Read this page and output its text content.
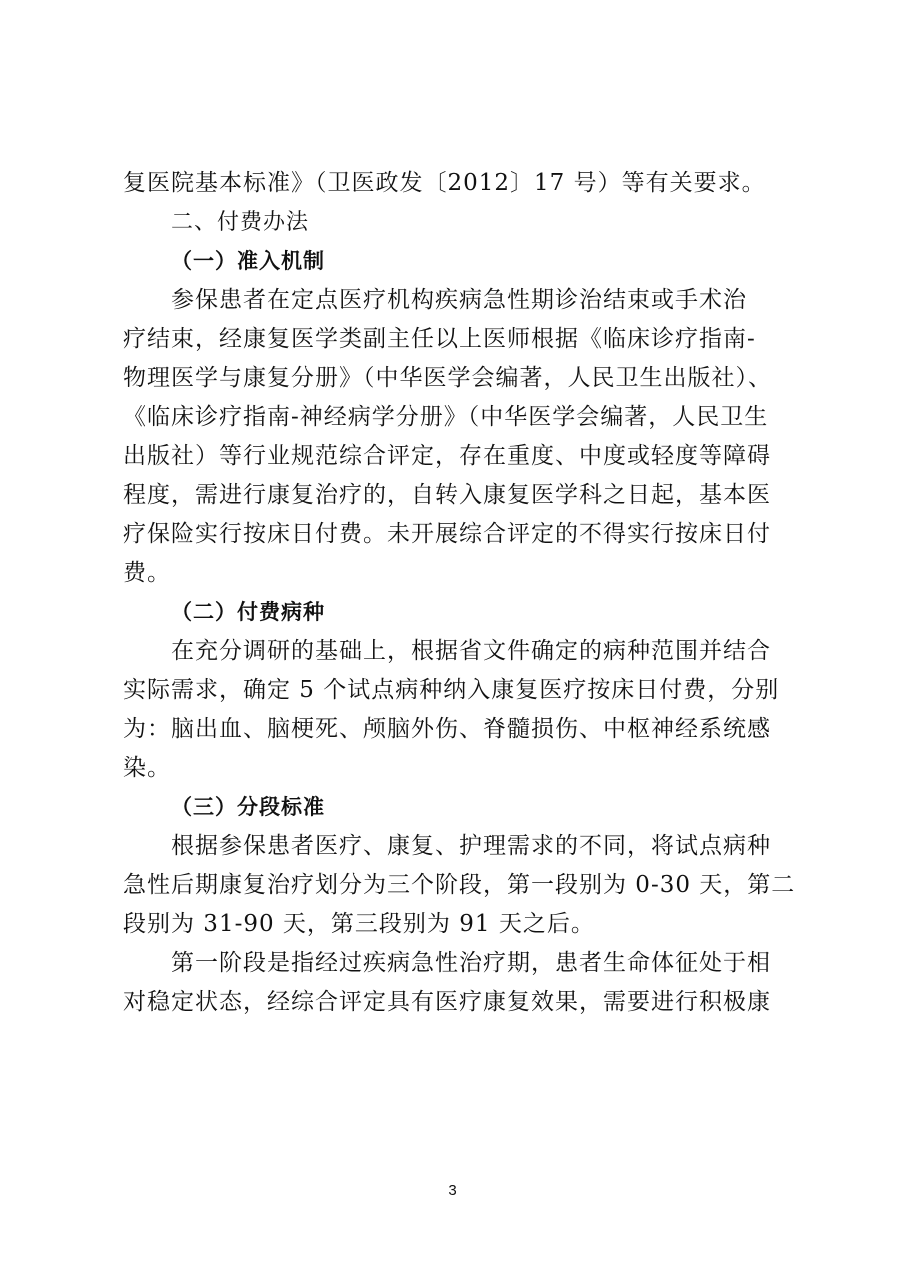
复医院基本标准》（卫医政发〔2012〕17 号）等有关要求。

二、付费办法

（一）准入机制

参保患者在定点医疗机构疾病急性期诊治结束或手术治

疗结束，经康复医学类副主任以上医师根据《临床诊疗指南-

物理医学与康复分册》（中华医学会编著，人民卫生出版社）、

《临床诊疗指南-神经病学分册》（中华医学会编著，人民卫生

出版社）等行业规范综合评定，存在重度、中度或轻度等障碍

程度，需进行康复治疗的，自转入康复医学科之日起，基本医

疗保险实行按床日付费。未开展综合评定的不得实行按床日付

费。

（二）付费病种

在充分调研的基础上，根据省文件确定的病种范围并结合

实际需求，确定 5 个试点病种纳入康复医疗按床日付费，分别

为：脑出血、脑梗死、颅脑外伤、脊髓损伤、中枢神经系统感

染。

（三）分段标准

根据参保患者医疗、康复、护理需求的不同，将试点病种

急性后期康复治疗划分为三个阶段，第一段别为 0-30 天，第二

段别为 31-90 天，第三段别为 91 天之后。

第一阶段是指经过疾病急性治疗期，患者生命体征处于相

对稳定状态，经综合评定具有医疗康复效果，需要进行积极康

3
